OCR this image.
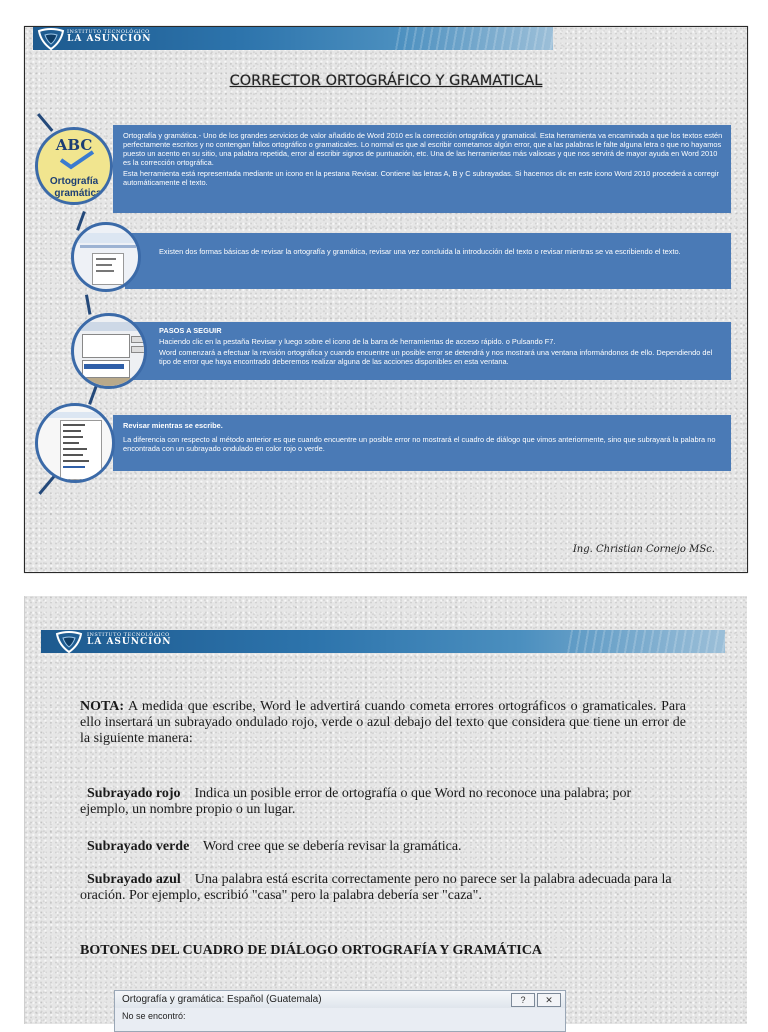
INSTITUTO TECNOLÓGICO
LA ASUNCIÓN
CORRECTOR ORTOGRÁFICO Y GRAMATICAL

Ortografía y gramática.- Uno de los grandes servicios de valor añadido de Word 2010 es la corrección ortográfica y gramatical. Esta herramienta va encaminada a que los textos estén perfectamente escritos y no contengan fallos ortográfico o gramaticales. Lo normal es que al escribir cometamos algún error, que a las palabras le falte alguna letra o que no hayamos puesto un acento en su sitio, una palabra repetida, error al escribir signos de puntuación, etc. Una de las herramientas más valiosas y que nos servirá de mayor ayuda en Word 2010 es la corrección ortográfica.

Esta herramienta está representada mediante un icono en la pestana Revisar. Contiene las letras A, B y C subrayadas. Si hacemos clic en este icono Word 2010 procederá a corregir automáticamente el texto.

ABC
Ortografía
gramática

Existen dos formas básicas de revisar la ortografía y gramática, revisar una vez concluida la introducción del texto o revisar mientras se va escribiendo el texto.

PASOS A SEGUIR

Haciendo clic en la pestaña Revisar y luego sobre el icono de la barra de herramientas de acceso rápido. o Pulsando F7.

Word comenzará a efectuar la revisión ortográfica y cuando encuentre un posible error se detendrá y nos mostrará una ventana informándonos de ello. Dependiendo del tipo de error que haya encontrado deberemos realizar alguna de las acciones disponibles en esta ventana.

Revisar mientras se escribe.

La diferencia con respecto al método anterior es que cuando encuentre un posible error no mostrará el cuadro de diálogo que vimos anteriormente, sino que subrayará la palabra no encontrada con un subrayado ondulado en color rojo o verde.

Ing. Christian Cornejo MSc.
INSTITUTO TECNOLÓGICO
LA ASUNCIÓN
NOTA: A medida que escribe, Word le advertirá cuando cometa errores ortográficos o gramaticales. Para ello insertará un subrayado ondulado rojo, verde o azul debajo del texto que considera que tiene un error de la siguiente manera:

Subrayado rojo    Indica un posible error de ortografía o que Word no reconoce una palabra; por ejemplo, un nombre propio o un lugar.

Subrayado verde    Word cree que se debería revisar la gramática.

Subrayado azul    Una palabra está escrita correctamente pero no parece ser la palabra adecuada para la oración. Por ejemplo, escribió "casa" pero la palabra debería ser "caza".

BOTONES DEL CUADRO DE DIÁLOGO ORTOGRAFÍA Y GRAMÁTICA
Ortografía y gramática: Español (Guatemala)	?	✕
No se encontró:
